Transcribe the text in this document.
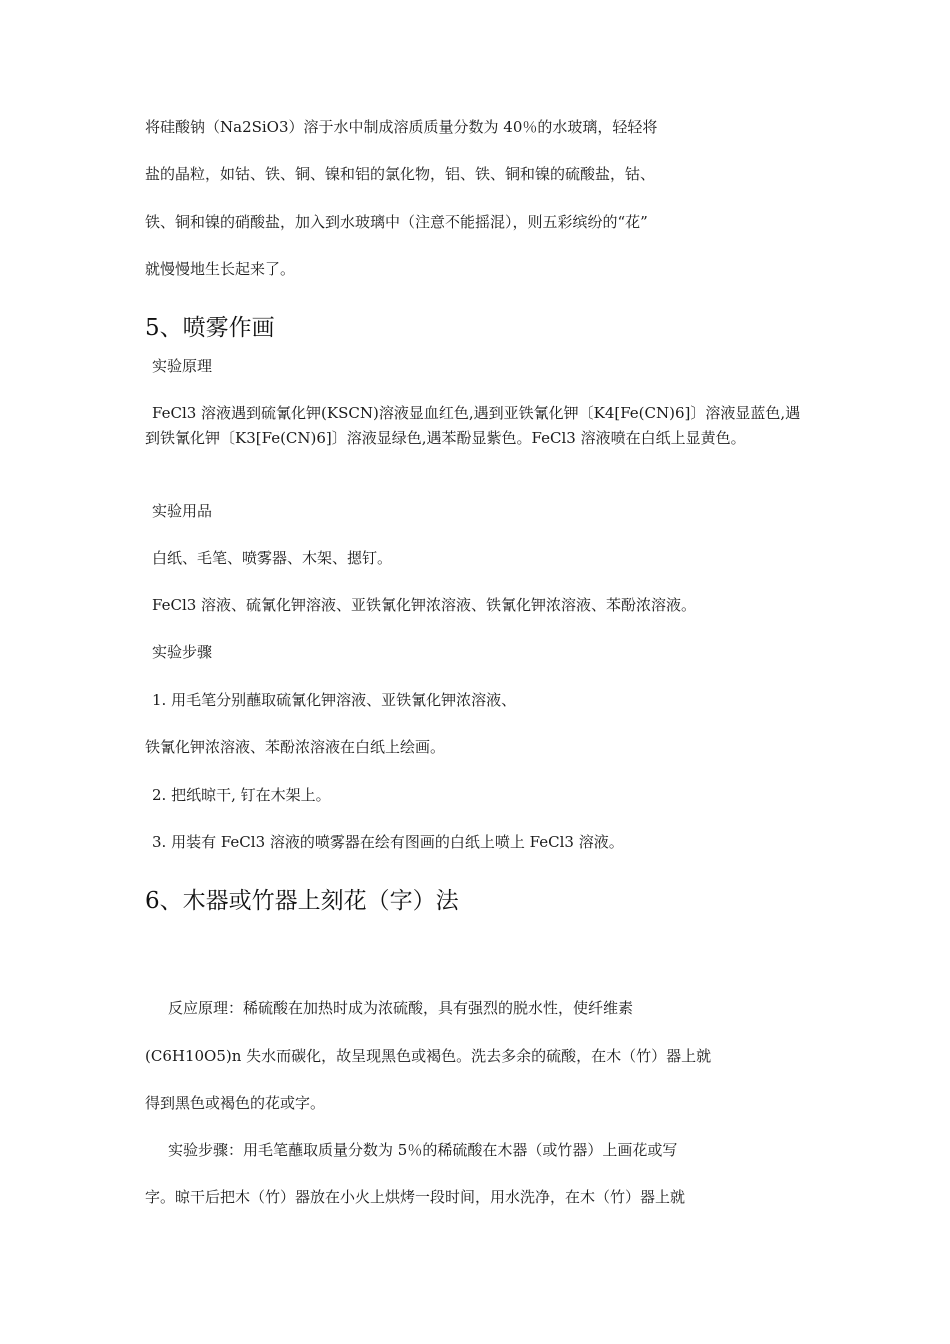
将硅酸钠（Na2SiO3）溶于水中制成溶质质量分数为 40％的水玻璃，轻轻将
盐的晶粒，如钴、铁、铜、镍和铝的氯化物，铝、铁、铜和镍的硫酸盐，钴、
铁、铜和镍的硝酸盐，加入到水玻璃中（注意不能摇混），则五彩缤纷的“花”
就慢慢地生长起来了。
5、喷雾作画
实验原理
FeCl3 溶液遇到硫氰化钾(KSCN)溶液显血红色,遇到亚铁氰化钾〔K4[Fe(CN)6]〕溶液显蓝色,遇到铁氰化钾〔K3[Fe(CN)6]〕溶液显绿色,遇苯酚显紫色。FeCl3 溶液喷在白纸上显黄色。
实验用品
白纸、毛笔、喷雾器、木架、摁钉。
FeCl3 溶液、硫氰化钾溶液、亚铁氰化钾浓溶液、铁氰化钾浓溶液、苯酚浓溶液。
实验步骤
1. 用毛笔分别蘸取硫氰化钾溶液、亚铁氰化钾浓溶液、
铁氰化钾浓溶液、苯酚浓溶液在白纸上绘画。
2. 把纸晾干, 钉在木架上。
3. 用装有 FeCl3 溶液的喷雾器在绘有图画的白纸上喷上 FeCl3 溶液。
6、木器或竹器上刻花（字）法
反应原理：稀硫酸在加热时成为浓硫酸，具有强烈的脱水性，使纤维素
(C6H10O5)n 失水而碳化，故呈现黑色或褐色。洗去多余的硫酸，在木（竹）器上就
得到黑色或褐色的花或字。
实验步骤：用毛笔蘸取质量分数为 5％的稀硫酸在木器（或竹器）上画花或写
字。晾干后把木（竹）器放在小火上烘烤一段时间，用水洗净，在木（竹）器上就
